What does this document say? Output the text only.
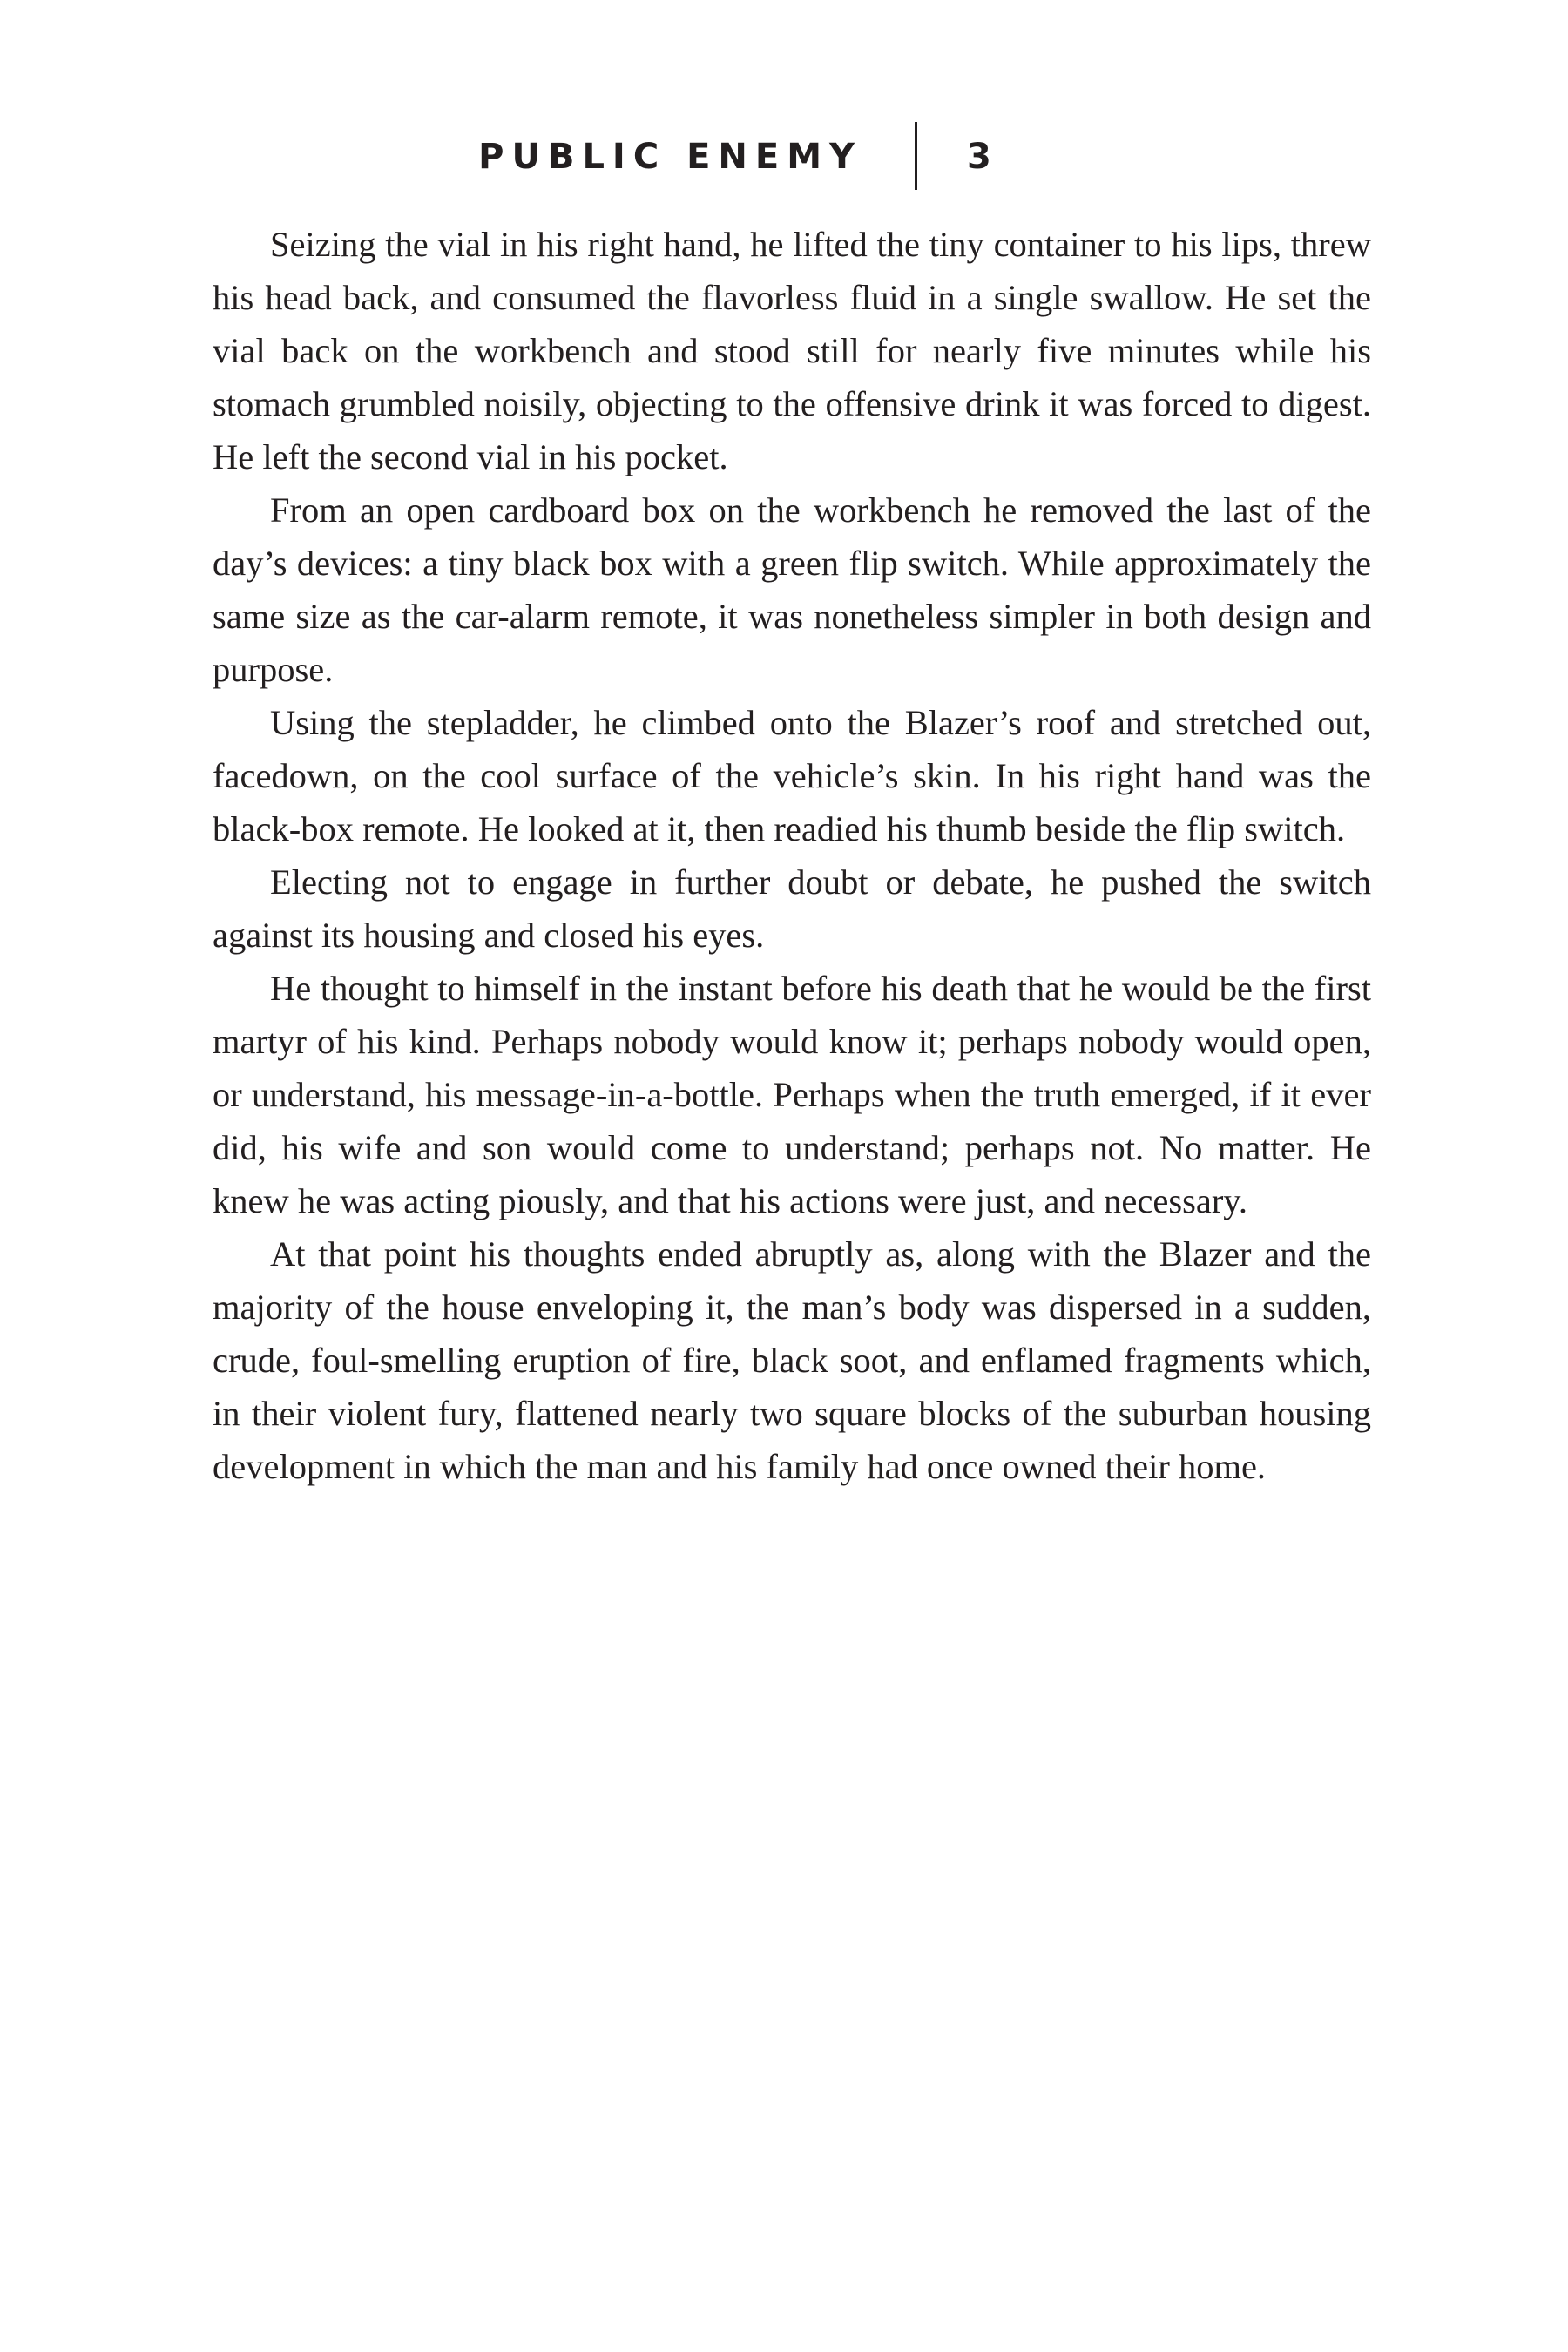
PUBLIC ENEMY	3

Seizing the vial in his right hand, he lifted the tiny container to his lips, threw his head back, and consumed the flavorless fluid in a single swallow. He set the vial back on the workbench and stood still for nearly five minutes while his stomach grumbled noisily, objecting to the offensive drink it was forced to digest. He left the second vial in his pocket.

From an open cardboard box on the workbench he removed the last of the day’s devices: a tiny black box with a green flip switch. While approximately the same size as the car-alarm remote, it was nonetheless simpler in both design and purpose.

Using the stepladder, he climbed onto the Blazer’s roof and stretched out, facedown, on the cool surface of the vehicle’s skin. In his right hand was the black-box remote. He looked at it, then readied his thumb beside the flip switch.

Electing not to engage in further doubt or debate, he pushed the switch against its housing and closed his eyes.

He thought to himself in the instant before his death that he would be the first martyr of his kind. Perhaps nobody would know it; perhaps nobody would open, or understand, his message-in-a-bottle. Perhaps when the truth emerged, if it ever did, his wife and son would come to understand; perhaps not. No matter. He knew he was acting piously, and that his actions were just, and necessary.

At that point his thoughts ended abruptly as, along with the Blazer and the majority of the house enveloping it, the man’s body was dispersed in a sudden, crude, foul-smelling eruption of fire, black soot, and enflamed fragments which, in their violent fury, flattened nearly two square blocks of the suburban housing development in which the man and his family had once owned their home.
